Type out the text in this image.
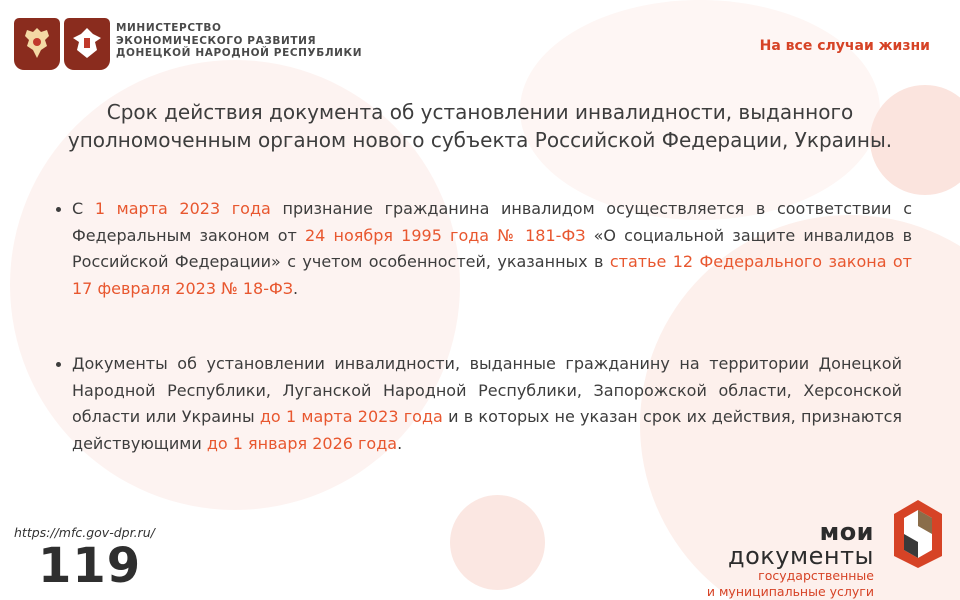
МИНИСТЕРСТВО
ЭКОНОМИЧЕСКОГО РАЗВИТИЯ
ДОНЕЦКОЙ НАРОДНОЙ РЕСПУБЛИКИ	На все случаи жизни
Срок действия документа об установлении инвалидности, выданного
уполномоченным органом нового субъекта Российской Федерации, Украины.
С 1 марта 2023 года признание гражданина инвалидом осуществляется в соответствии с Федеральным законом от 24 ноября 1995 года № 181-ФЗ «О социальной защите инвалидов в Российской Федерации» с учетом особенностей, указанных в статье 12 Федерального закона от 17 февраля 2023 № 18-ФЗ.
Документы об установлении инвалидности, выданные гражданину на территории Донецкой Народной Республики, Луганской Народной Республики, Запорожской области, Херсонской области или Украины до 1 марта 2023 года и в которых не указан срок их действия, признаются действующими до 1 января 2026 года.
https://mfc.gov-dpr.ru/
119
мои
документы
государственные
и муниципальные услуги
